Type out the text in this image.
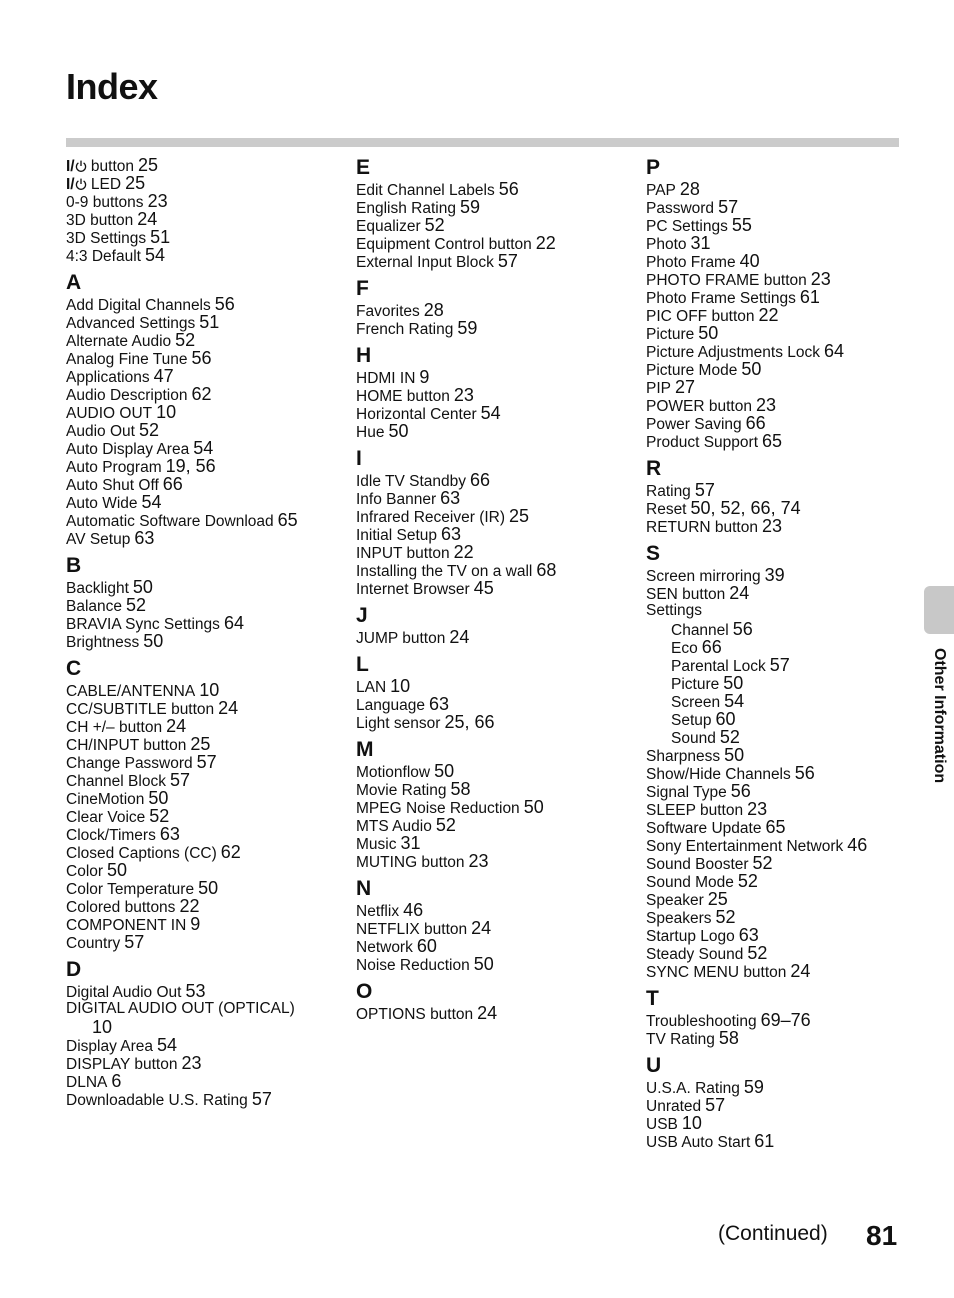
Index
I/ button 25
I/ LED 25
0-9 buttons 23
3D button 24
3D Settings 51
4:3 Default 54
A
Add Digital Channels 56
Advanced Settings 51
Alternate Audio 52
Analog Fine Tune 56
Applications 47
Audio Description 62
AUDIO OUT 10
Audio Out 52
Auto Display Area 54
Auto Program 19, 56
Auto Shut Off 66
Auto Wide 54
Automatic Software Download 65
AV Setup 63
B
Backlight 50
Balance 52
BRAVIA Sync Settings 64
Brightness 50
C
CABLE/ANTENNA 10
CC/SUBTITLE button 24
CH +/– button 24
CH/INPUT button 25
Change Password 57
Channel Block 57
CineMotion 50
Clear Voice 52
Clock/Timers 63
Closed Captions (CC) 62
Color 50
Color Temperature 50
Colored buttons 22
COMPONENT IN 9
Country 57
D
Digital Audio Out 53
DIGITAL AUDIO OUT (OPTICAL)
10
Display Area 54
DISPLAY button 23
DLNA 6
Downloadable U.S. Rating 57
E
Edit Channel Labels 56
English Rating 59
Equalizer 52
Equipment Control button 22
External Input Block 57
F
Favorites 28
French Rating 59
H
HDMI IN 9
HOME button 23
Horizontal Center 54
Hue 50
I
Idle TV Standby 66
Info Banner 63
Infrared Receiver (IR) 25
Initial Setup 63
INPUT button 22
Installing the TV on a wall 68
Internet Browser 45
J
JUMP button 24
L
LAN 10
Language 63
Light sensor 25, 66
M
Motionflow 50
Movie Rating 58
MPEG Noise Reduction 50
MTS Audio 52
Music 31
MUTING button 23
N
Netflix 46
NETFLIX button 24
Network 60
Noise Reduction 50
O
OPTIONS button 24
P
PAP 28
Password 57
PC Settings 55
Photo 31
Photo Frame 40
PHOTO FRAME button 23
Photo Frame Settings 61
PIC OFF button 22
Picture 50
Picture Adjustments Lock 64
Picture Mode 50
PIP 27
POWER button 23
Power Saving 66
Product Support 65
R
Rating 57
Reset 50, 52, 66, 74
RETURN button 23
S
Screen mirroring 39
SEN button 24
Settings
Channel 56
Eco 66
Parental Lock 57
Picture 50
Screen 54
Setup 60
Sound 52
Sharpness 50
Show/Hide Channels 56
Signal Type 56
SLEEP button 23
Software Update 65
Sony Entertainment Network 46
Sound Booster 52
Sound Mode 52
Speaker 25
Speakers 52
Startup Logo 63
Steady Sound 52
SYNC MENU button 24
T
Troubleshooting 69–76
TV Rating 58
U
U.S.A. Rating 59
Unrated 57
USB 10
USB Auto Start 61
Other Information
(Continued) 81
